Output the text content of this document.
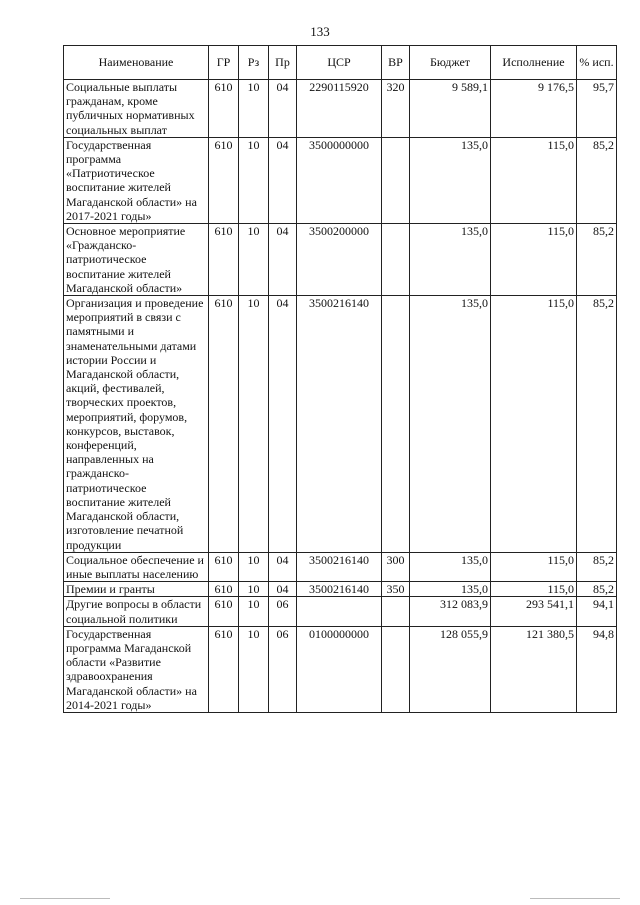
133
Наименование	ГР	Рз	Пр	ЦСР	ВР	Бюджет	Исполнение	% исп.
Социальные выплаты гражданам, кроме публичных нормативных социальных выплат	610	10	04	2290115920	320	9 589,1	9 176,5	95,7
Государственная программа «Патриотическое воспитание жителей Магаданской области» на 2017-2021 годы»	610	10	04	3500000000		135,0	115,0	85,2
Основное мероприятие «Гражданско-патриотическое воспитание жителей Магаданской области»	610	10	04	3500200000		135,0	115,0	85,2
Организация и проведение мероприятий в связи с памятными и знаменательными датами истории России и Магаданской области, акций, фестивалей, творческих проектов, мероприятий, форумов, конкурсов, выставок, конференций, направленных на гражданско-патриотическое воспитание жителей Магаданской области, изготовление печатной продукции	610	10	04	3500216140		135,0	115,0	85,2
Социальное обеспечение и иные выплаты населению	610	10	04	3500216140	300	135,0	115,0	85,2
Премии и гранты	610	10	04	3500216140	350	135,0	115,0	85,2
Другие вопросы в области социальной политики	610	10	06			312 083,9	293 541,1	94,1
Государственная программа Магаданской области «Развитие здравоохранения Магаданской области» на 2014-2021 годы»	610	10	06	0100000000		128 055,9	121 380,5	94,8
